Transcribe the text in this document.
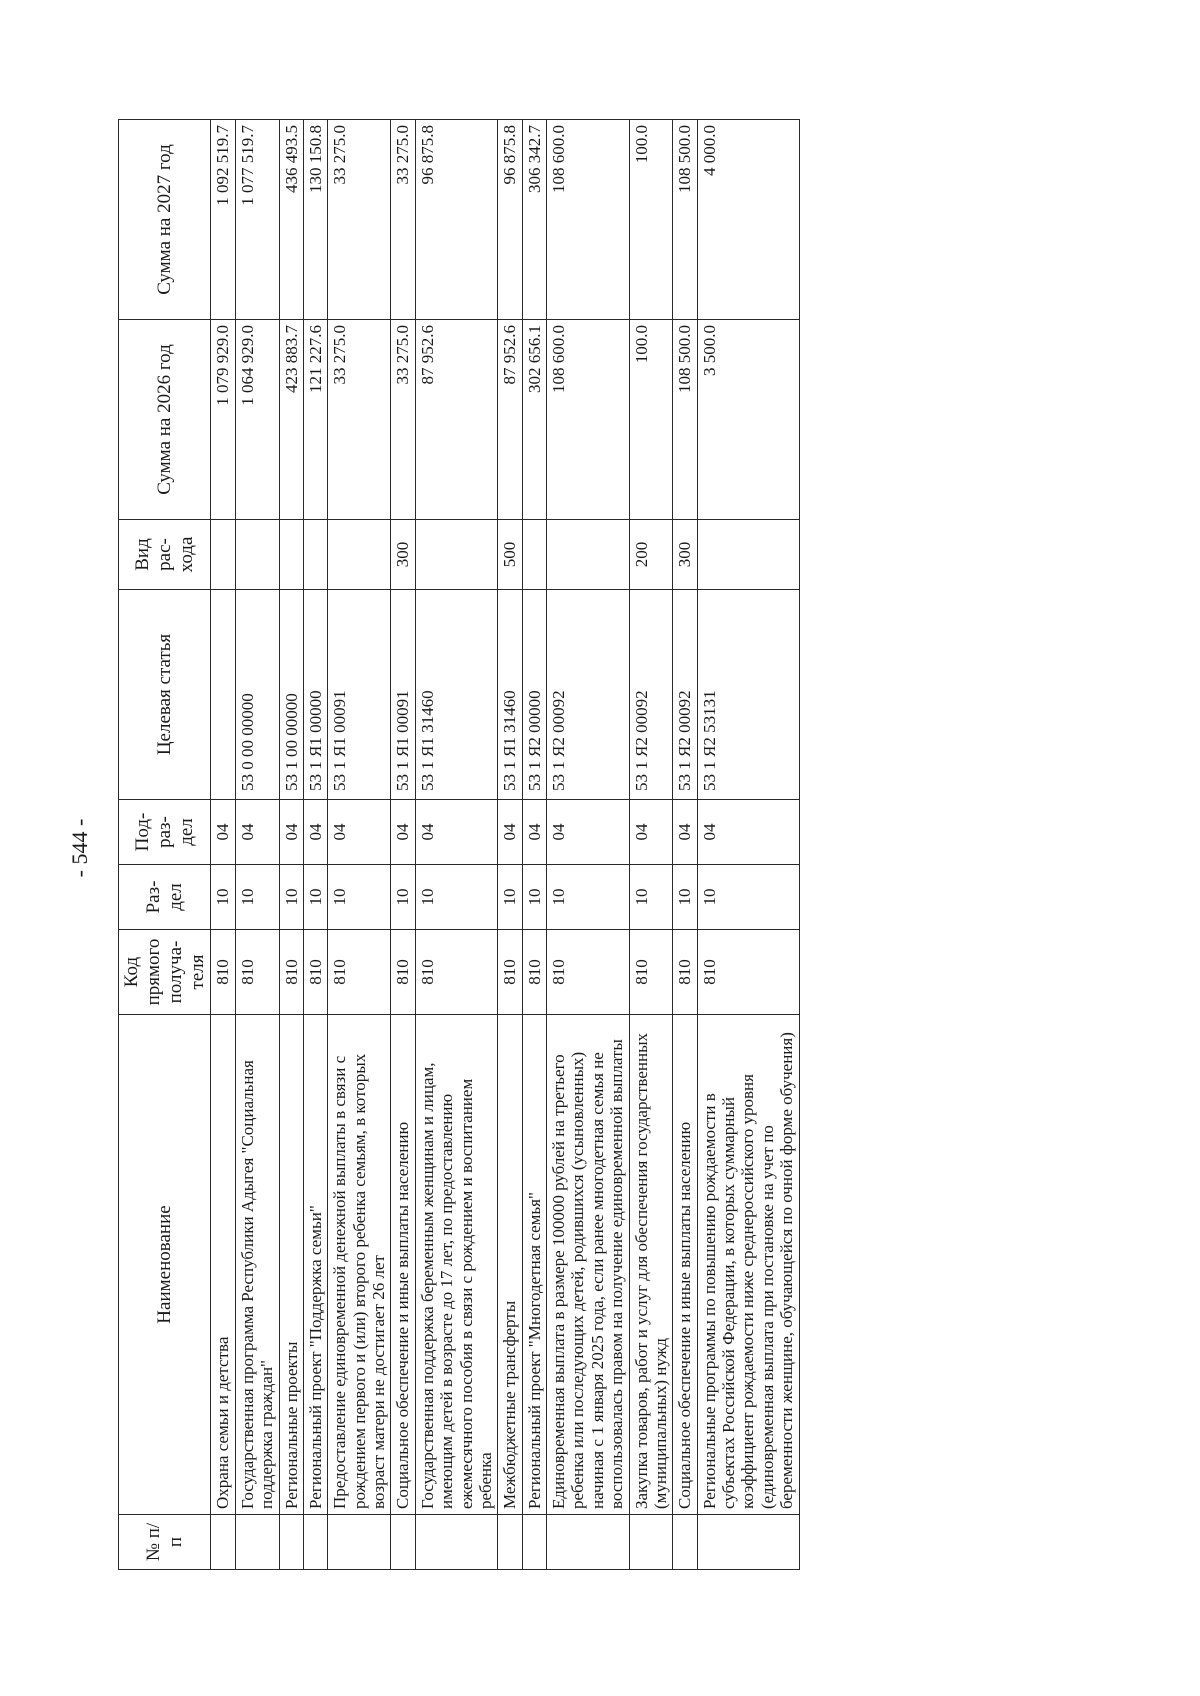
- 544 -
№ п/п	Наименование	Код прямого получа-теля	Раз-дел	Под-раз-дел	Целевая статья	Вид рас-хода	Сумма на 2026 год	Сумма на 2027 год
	Охрана семьи и детства	810	10	04			1 079 929.0	1 092 519.7
	Государственная программа Республики Адыгея "Социальная поддержка граждан"	810	10	04	53 0 00 00000		1 064 929.0	1 077 519.7
	Региональные проекты	810	10	04	53 1 00 00000		423 883.7	436 493.5
	Региональный проект "Поддержка семьи"	810	10	04	53 1 Я1 00000		121 227.6	130 150.8
	Предоставление единовременной денежной выплаты в связи с рождением первого и (или) второго ребенка семьям, в которых возраст матери не достигает 26 лет	810	10	04	53 1 Я1 00091		33 275.0	33 275.0
	Социальное обеспечение и иные выплаты населению	810	10	04	53 1 Я1 00091	300	33 275.0	33 275.0
	Государственная поддержка беременным женщинам и лицам, имеющим детей в возрасте до 17 лет, по предоставлению ежемесячного пособия в связи с рождением и воспитанием ребенка	810	10	04	53 1 Я1 31460		87 952.6	96 875.8
	Межбюджетные трансферты	810	10	04	53 1 Я1 31460	500	87 952.6	96 875.8
	Региональный проект "Многодетная семья"	810	10	04	53 1 Я2 00000		302 656.1	306 342.7
	Единовременная выплата в размере 100000 рублей на третьего ребенка или последующих детей, родившихся (усыновленных) начиная с 1 января 2025 года, если ранее многодетная семья не воспользовалась правом на получение единовременной выплаты	810	10	04	53 1 Я2 00092		108 600.0	108 600.0
	Закупка товаров, работ и услуг для обеспечения государственных (муниципальных) нужд	810	10	04	53 1 Я2 00092	200	100.0	100.0
	Социальное обеспечение и иные выплаты населению	810	10	04	53 1 Я2 00092	300	108 500.0	108 500.0
	Региональные программы по повышению рождаемости в субъектах Российской Федерации, в которых суммарный коэффициент рождаемости ниже среднероссийского уровня (единовременная выплата при постановке на учет по беременности женщине, обучающейся по очной форме обучения)	810	10	04	53 1 Я2 53131		3 500.0	4 000.0
